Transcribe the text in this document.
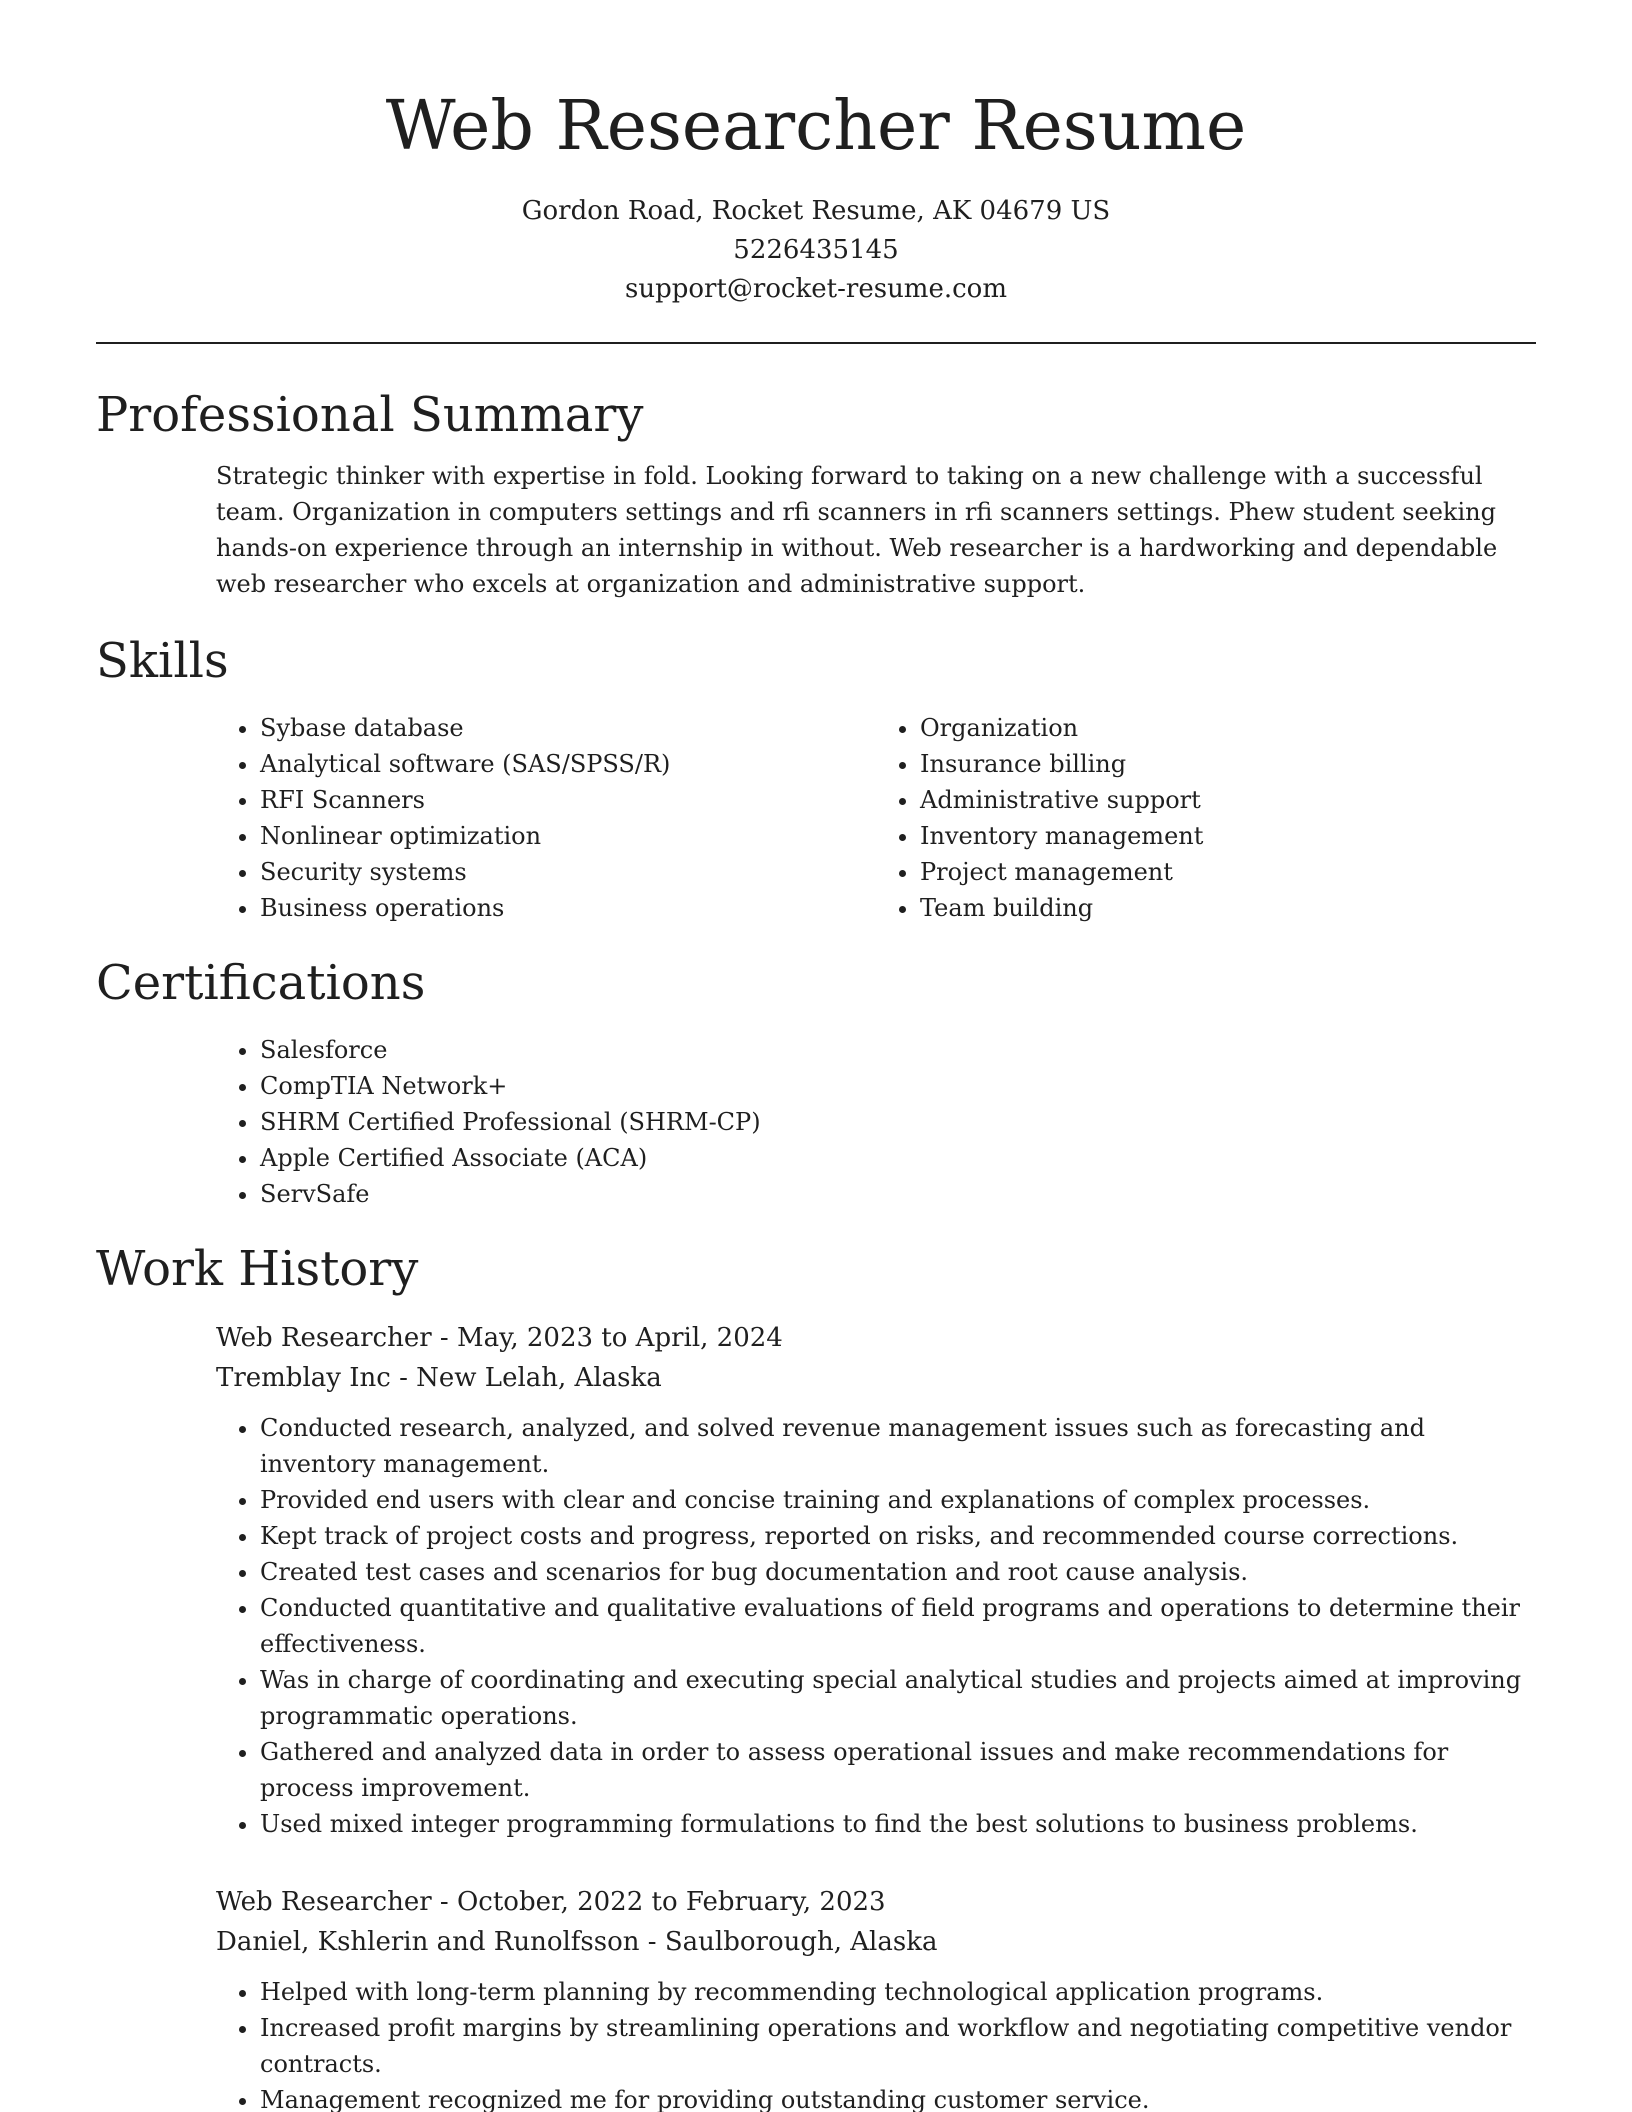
Web Researcher Resume
Gordon Road, Rocket Resume, AK 04679 US
5226435145
support@rocket-resume.com
Professional Summary
Strategic thinker with expertise in fold. Looking forward to taking on a new challenge with a successful team. Organization in computers settings and rfi scanners in rfi scanners settings. Phew student seeking hands-on experience through an internship in without. Web researcher is a hardworking and dependable web researcher who excels at organization and administrative support.
Skills
• Sybase database
• Analytical software (SAS/SPSS/R)
• RFI Scanners
• Nonlinear optimization
• Security systems
• Business operations
• Organization
• Insurance billing
• Administrative support
• Inventory management
• Project management
• Team building
Certifications
• Salesforce
• CompTIA Network+
• SHRM Certified Professional (SHRM-CP)
• Apple Certified Associate (ACA)
• ServSafe
Work History
Web Researcher - May, 2023 to April, 2024
Tremblay Inc - New Lelah, Alaska
• Conducted research, analyzed, and solved revenue management issues such as forecasting and inventory management.
• Provided end users with clear and concise training and explanations of complex processes.
• Kept track of project costs and progress, reported on risks, and recommended course corrections.
• Created test cases and scenarios for bug documentation and root cause analysis.
• Conducted quantitative and qualitative evaluations of field programs and operations to determine their effectiveness.
• Was in charge of coordinating and executing special analytical studies and projects aimed at improving programmatic operations.
• Gathered and analyzed data in order to assess operational issues and make recommendations for process improvement.
• Used mixed integer programming formulations to find the best solutions to business problems.
Web Researcher - October, 2022 to February, 2023
Daniel, Kshlerin and Runolfsson - Saulborough, Alaska
• Helped with long-term planning by recommending technological application programs.
• Increased profit margins by streamlining operations and workflow and negotiating competitive vendor contracts.
• Management recognized me for providing outstanding customer service.
